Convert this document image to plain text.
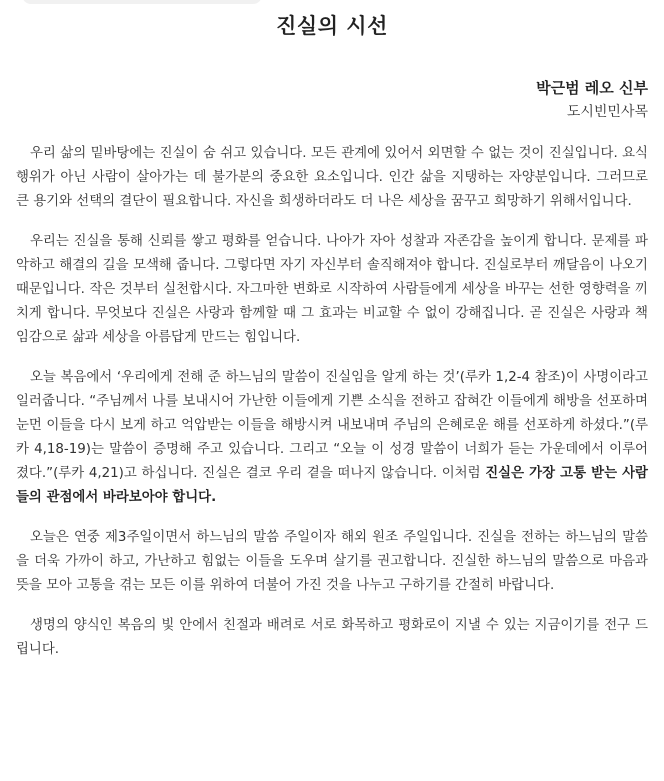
진실의 시선
박근범 레오 신부
도시빈민사목

우리 삶의 밑바탕에는 진실이 숨 쉬고 있습니다. 모든 관계에 있어서 외면할 수 없는 것이 진실입니다. 요식 행위가 아닌 사람이 살아가는 데 불가분의 중요한 요소입니다. 인간 삶을 지탱하는 자양분입니다. 그러므로 큰 용기와 선택의 결단이 필요합니다. 자신을 희생하더라도 더 나은 세상을 꿈꾸고 희망하기 위해서입니다.

우리는 진실을 통해 신뢰를 쌓고 평화를 얻습니다. 나아가 자아 성찰과 자존감을 높이게 합니다. 문제를 파악하고 해결의 길을 모색해 줍니다. 그렇다면 자기 자신부터 솔직해져야 합니다. 진실로부터 깨달음이 나오기 때문입니다. 작은 것부터 실천합시다. 자그마한 변화로 시작하여 사람들에게 세상을 바꾸는 선한 영향력을 끼치게 합니다. 무엇보다 진실은 사랑과 함께할 때 그 효과는 비교할 수 없이 강해집니다. 곧 진실은 사랑과 책임감으로 삶과 세상을 아름답게 만드는 힘입니다.

오늘 복음에서 ‘우리에게 전해 준 하느님의 말씀이 진실임을 알게 하는 것’(루카 1,2-4 참조)이 사명이라고 일러줍니다. “주님께서 나를 보내시어 가난한 이들에게 기쁜 소식을 전하고 잡혀간 이들에게 해방을 선포하며 눈먼 이들을 다시 보게 하고 억압받는 이들을 해방시켜 내보내며 주님의 은혜로운 해를 선포하게 하셨다.”(루카 4,18-19)는 말씀이 증명해 주고 있습니다. 그리고 “오늘 이 성경 말씀이 너희가 듣는 가운데에서 이루어졌다.”(루카 4,21)고 하십니다. 진실은 결코 우리 곁을 떠나지 않습니다. 이처럼 진실은 가장 고통 받는 사람들의 관점에서 바라보아야 합니다.

오늘은 연중 제3주일이면서 하느님의 말씀 주일이자 해외 원조 주일입니다. 진실을 전하는 하느님의 말씀을 더욱 가까이 하고, 가난하고 힘없는 이들을 도우며 살기를 권고합니다. 진실한 하느님의 말씀으로 마음과 뜻을 모아 고통을 겪는 모든 이를 위하여 더불어 가진 것을 나누고 구하기를 간절히 바랍니다.

생명의 양식인 복음의 빛 안에서 친절과 배려로 서로 화목하고 평화로이 지낼 수 있는 지금이기를 전구 드립니다.
